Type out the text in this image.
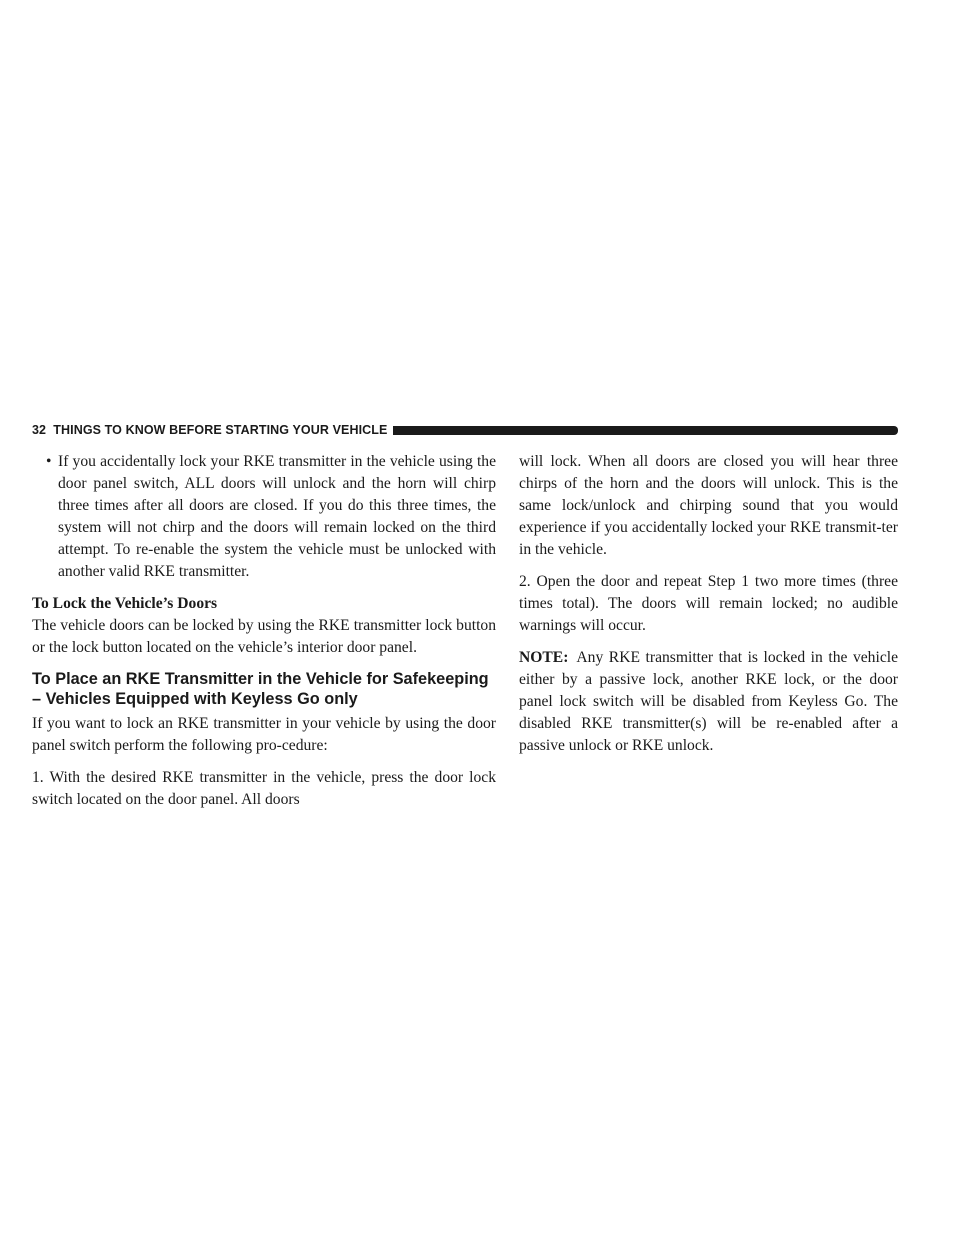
32 THINGS TO KNOW BEFORE STARTING YOUR VEHICLE
• If you accidentally lock your RKE transmitter in the vehicle using the door panel switch, ALL doors will unlock and the horn will chirp three times after all doors are closed. If you do this three times, the system will not chirp and the doors will remain locked on the third attempt. To re-enable the system the vehicle must be unlocked with another valid RKE transmitter.

To Lock the Vehicle’s Doors

The vehicle doors can be locked by using the RKE transmitter lock button or the lock button located on the vehicle’s interior door panel.

To Place an RKE Transmitter in the Vehicle for Safekeeping – Vehicles Equipped with Keyless Go only

If you want to lock an RKE transmitter in your vehicle by using the door panel switch perform the following pro-cedure:

1. With the desired RKE transmitter in the vehicle, press the door lock switch located on the door panel. All doors

will lock. When all doors are closed you will hear three chirps of the horn and the doors will unlock. This is the same lock/unlock and chirping sound that you would experience if you accidentally locked your RKE transmit-ter in the vehicle.

2. Open the door and repeat Step 1 two more times (three times total). The doors will remain locked; no audible warnings will occur.

NOTE: Any RKE transmitter that is locked in the vehicle either by a passive lock, another RKE lock, or the door panel lock switch will be disabled from Keyless Go. The disabled RKE transmitter(s) will be re-enabled after a passive unlock or RKE unlock.
